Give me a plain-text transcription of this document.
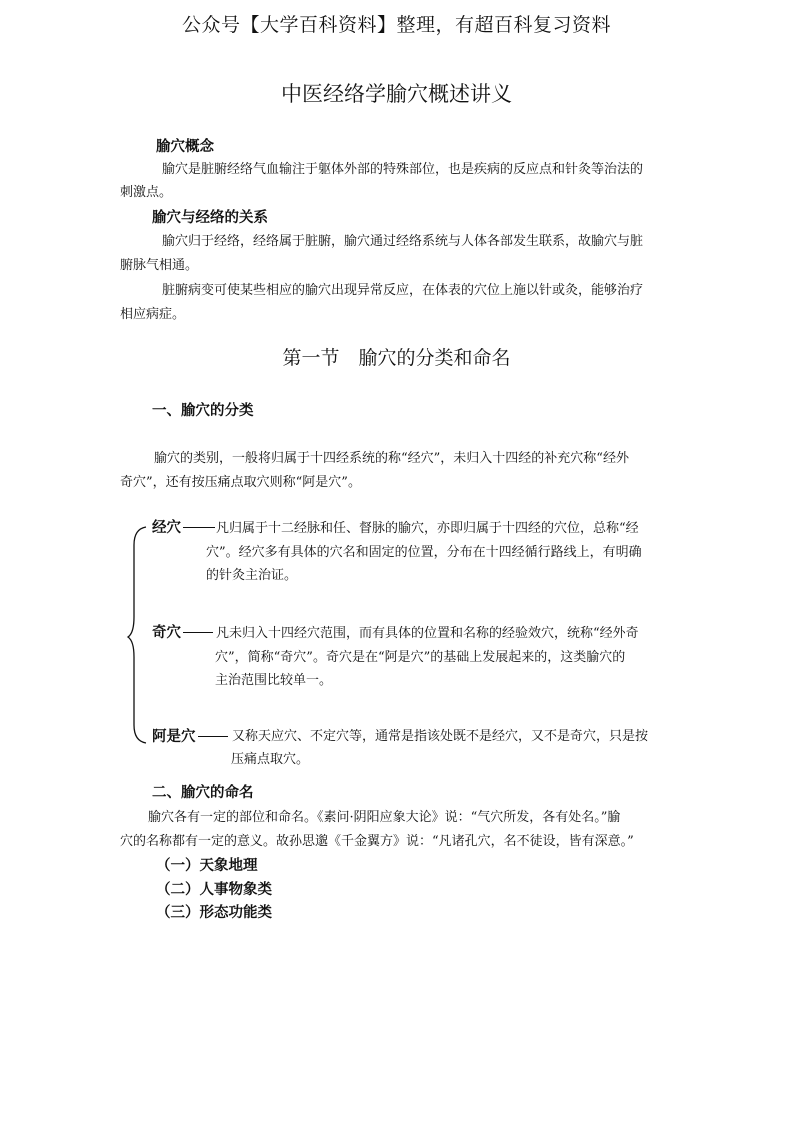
公众号【大学百科资料】整理，有超百科复习资料
中医经络学腧穴概述讲义
腧穴概念
腧穴是脏腑经络气血输注于躯体外部的特殊部位，也是疾病的反应点和针灸等治法的
刺激点。
腧穴与经络的关系
腧穴归于经络，经络属于脏腑，腧穴通过经络系统与人体各部发生联系，故腧穴与脏
腑脉气相通。
脏腑病变可使某些相应的腧穴出现异常反应，在体表的穴位上施以针或灸，能够治疗
相应病症。
第一节　腧穴的分类和命名
一、腧穴的分类
腧穴的类别，一般将归属于十四经系统的称“经穴”，未归入十四经的补充穴称“经外
奇穴”，还有按压痛点取穴则称“阿是穴”。
经穴	凡归属于十二经脉和任、督脉的腧穴，亦即归属于十四经的穴位，总称“经
穴”。经穴多有具体的穴名和固定的位置，分布在十四经循行路线上，有明确
的针灸主治证。
奇穴	凡未归入十四经穴范围，而有具体的位置和名称的经验效穴，统称“经外奇
穴”，简称“奇穴”。奇穴是在“阿是穴”的基础上发展起来的，这类腧穴的
主治范围比较单一。
阿是穴	又称天应穴、不定穴等，通常是指该处既不是经穴，又不是奇穴，只是按
压痛点取穴。
二、腧穴的命名
腧穴各有一定的部位和命名。《素问·阴阳应象大论》说：“气穴所发，各有处名。”腧
穴的名称都有一定的意义。故孙思邈《千金翼方》说：“凡诸孔穴，名不徒设，皆有深意。”
（一）天象地理
（二）人事物象类
（三）形态功能类
